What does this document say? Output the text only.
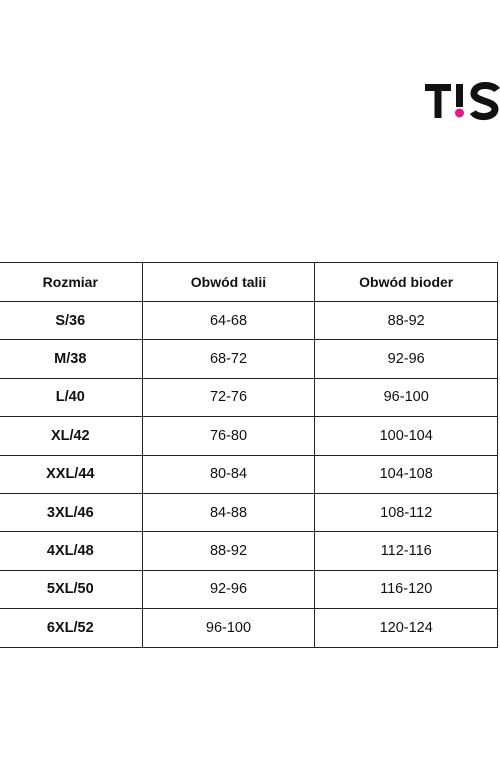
Rozmiar	Obwód talii	Obwód bioder
S/36	64-68	88-92
M/38	68-72	92-96
L/40	72-76	96-100
XL/42	76-80	100-104
XXL/44	80-84	104-108
3XL/46	84-88	108-112
4XL/48	88-92	112-116
5XL/50	92-96	116-120
6XL/52	96-100	120-124
